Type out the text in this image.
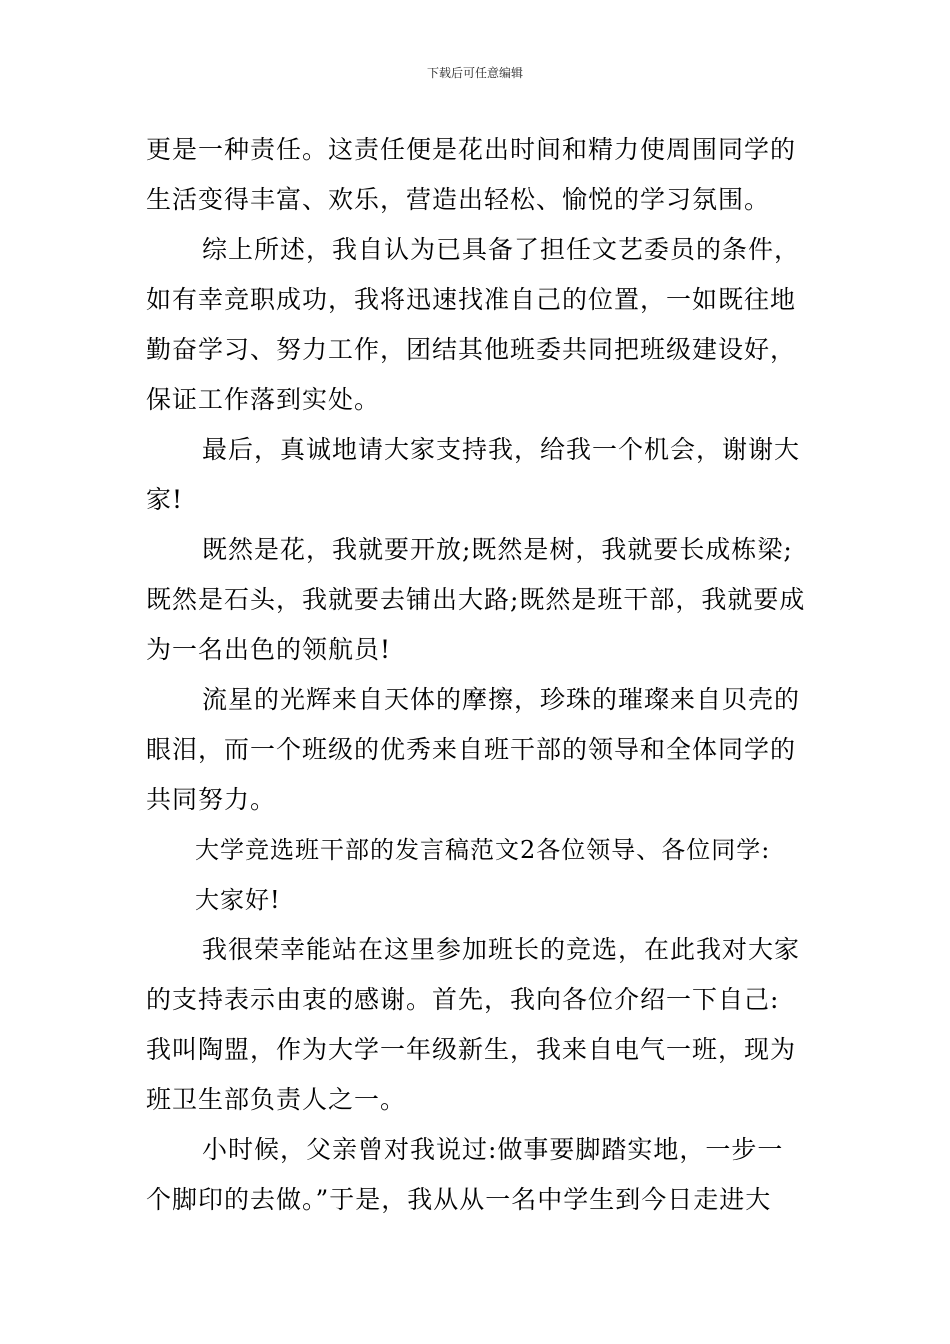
下载后可任意编辑
更是一种责任。这责任便是花出时间和精力使周围同学的
生活变得丰富、欢乐，营造出轻松、愉悦的学习氛围。
综上所述，我自认为已具备了担任文艺委员的条件，
如有幸竞职成功，我将迅速找准自己的位置，一如既往地
勤奋学习、努力工作，团结其他班委共同把班级建设好，
保证工作落到实处。
最后，真诚地请大家支持我，给我一个机会，谢谢大
家!
既然是花，我就要开放;既然是树，我就要长成栋梁;
既然是石头，我就要去铺出大路;既然是班干部，我就要成
为一名出色的领航员!
流星的光辉来自天体的摩擦，珍珠的璀璨来自贝壳的
眼泪，而一个班级的优秀来自班干部的领导和全体同学的
共同努力。
大学竞选班干部的发言稿范文2各位领导、各位同学:
大家好!
我很荣幸能站在这里参加班长的竞选，在此我对大家
的支持表示由衷的感谢。首先，我向各位介绍一下自己:
我叫陶盟，作为大学一年级新生，我来自电气一班，现为
班卫生部负责人之一。
小时候，父亲曾对我说过:做事要脚踏实地，一步一
个脚印的去做。”于是，我从从一名中学生到今日走进大
